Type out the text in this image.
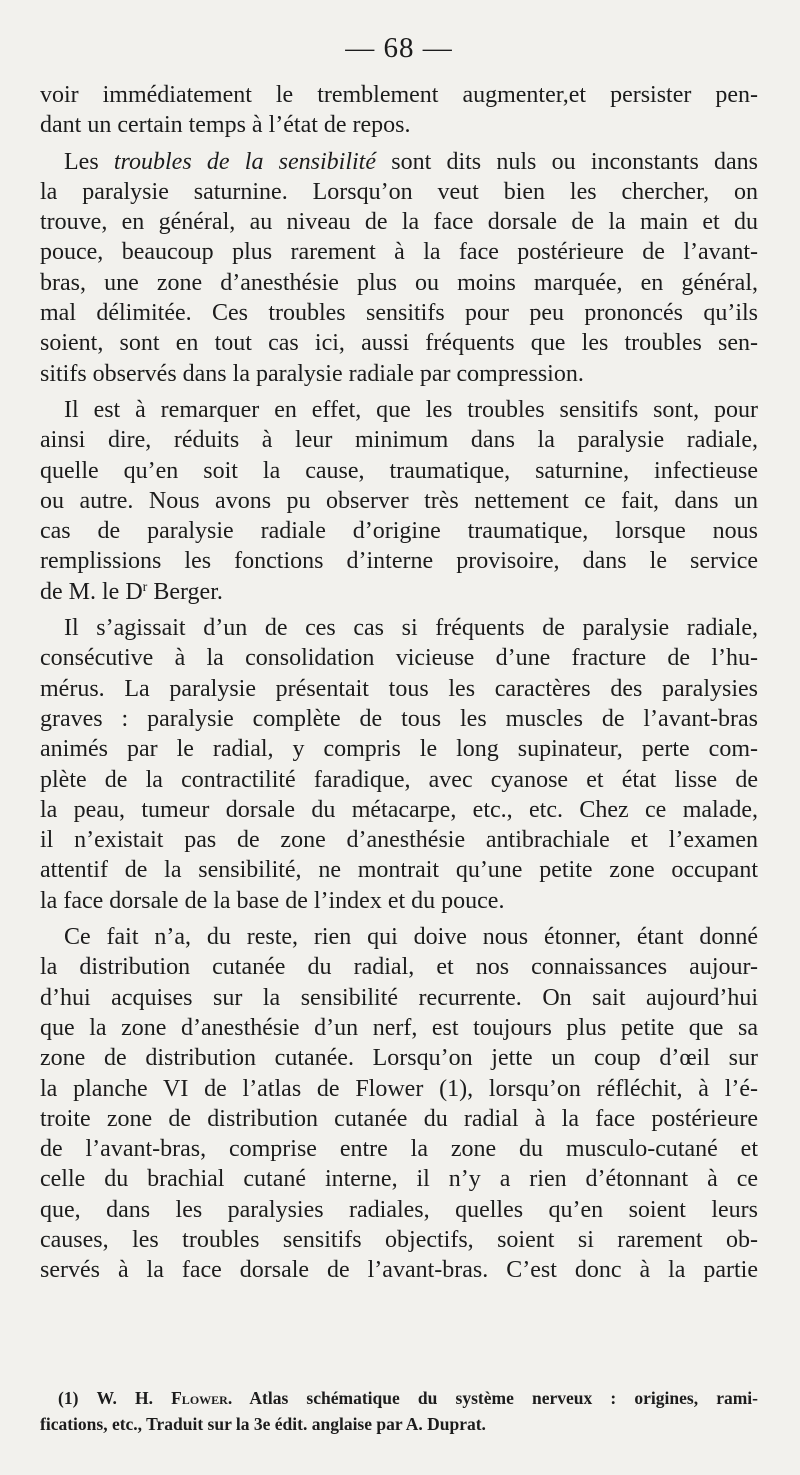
— 68 —

voir immédiatement le tremblement augmenter,et persister pen-
dant un certain temps à l’état de repos.

Les troubles de la sensibilité sont dits nuls ou inconstants dans
la paralysie saturnine. Lorsqu’on veut bien les chercher, on
trouve, en général, au niveau de la face dorsale de la main et du
pouce, beaucoup plus rarement à la face postérieure de l’avant-
bras, une zone d’anesthésie plus ou moins marquée, en général,
mal délimitée. Ces troubles sensitifs pour peu prononcés qu’ils
soient, sont en tout cas ici, aussi fréquents que les troubles sen-
sitifs observés dans la paralysie radiale par compression.

Il est à remarquer en effet, que les troubles sensitifs sont, pour
ainsi dire, réduits à leur minimum dans la paralysie radiale,
quelle qu’en soit la cause, traumatique, saturnine, infectieuse
ou autre. Nous avons pu observer très nettement ce fait, dans un
cas de paralysie radiale d’origine traumatique, lorsque nous
remplissions les fonctions d’interne provisoire, dans le service
de M. le $D^r$ Berger.

Il s’agissait d’un de ces cas si fréquents de paralysie radiale,
consécutive à la consolidation vicieuse d’une fracture de l’hu-
mérus. La paralysie présentait tous les caractères des paralysies
graves : paralysie complète de tous les muscles de l’avant-bras
animés par le radial, y compris le long supinateur, perte com-
plète de la contractilité faradique, avec cyanose et état lisse de
la peau, tumeur dorsale du métacarpe, etc., etc. Chez ce malade,
il n’existait pas de zone d’anesthésie antibrachiale et l’examen
attentif de la sensibilité, ne montrait qu’une petite zone occupant
la face dorsale de la base de l’index et du pouce.

Ce fait n’a, du reste, rien qui doive nous étonner, étant donné
la distribution cutanée du radial, et nos connaissances aujour-
d’hui acquises sur la sensibilité recurrente. On sait aujourd’hui
que la zone d’anesthésie d’un nerf, est toujours plus petite que sa
zone de distribution cutanée. Lorsqu’on jette un coup d’œil sur
la planche VI de l’atlas de Flower (1), lorsqu’on réfléchit, à l’é-
troite zone de distribution cutanée du radial à la face postérieure
de l’avant-bras, comprise entre la zone du musculo-cutané et
celle du brachial cutané interne, il n’y a rien d’étonnant à ce
que, dans les paralysies radiales, quelles qu’en soient leurs
causes, les troubles sensitifs objectifs, soient si rarement ob-
servés à la face dorsale de l’avant-bras. C’est donc à la partie

(1) W. H. Flower. Atlas schématique du système nerveux : origines, rami-
fications, etc., Traduit sur la 3e édit. anglaise par A. Duprat.
